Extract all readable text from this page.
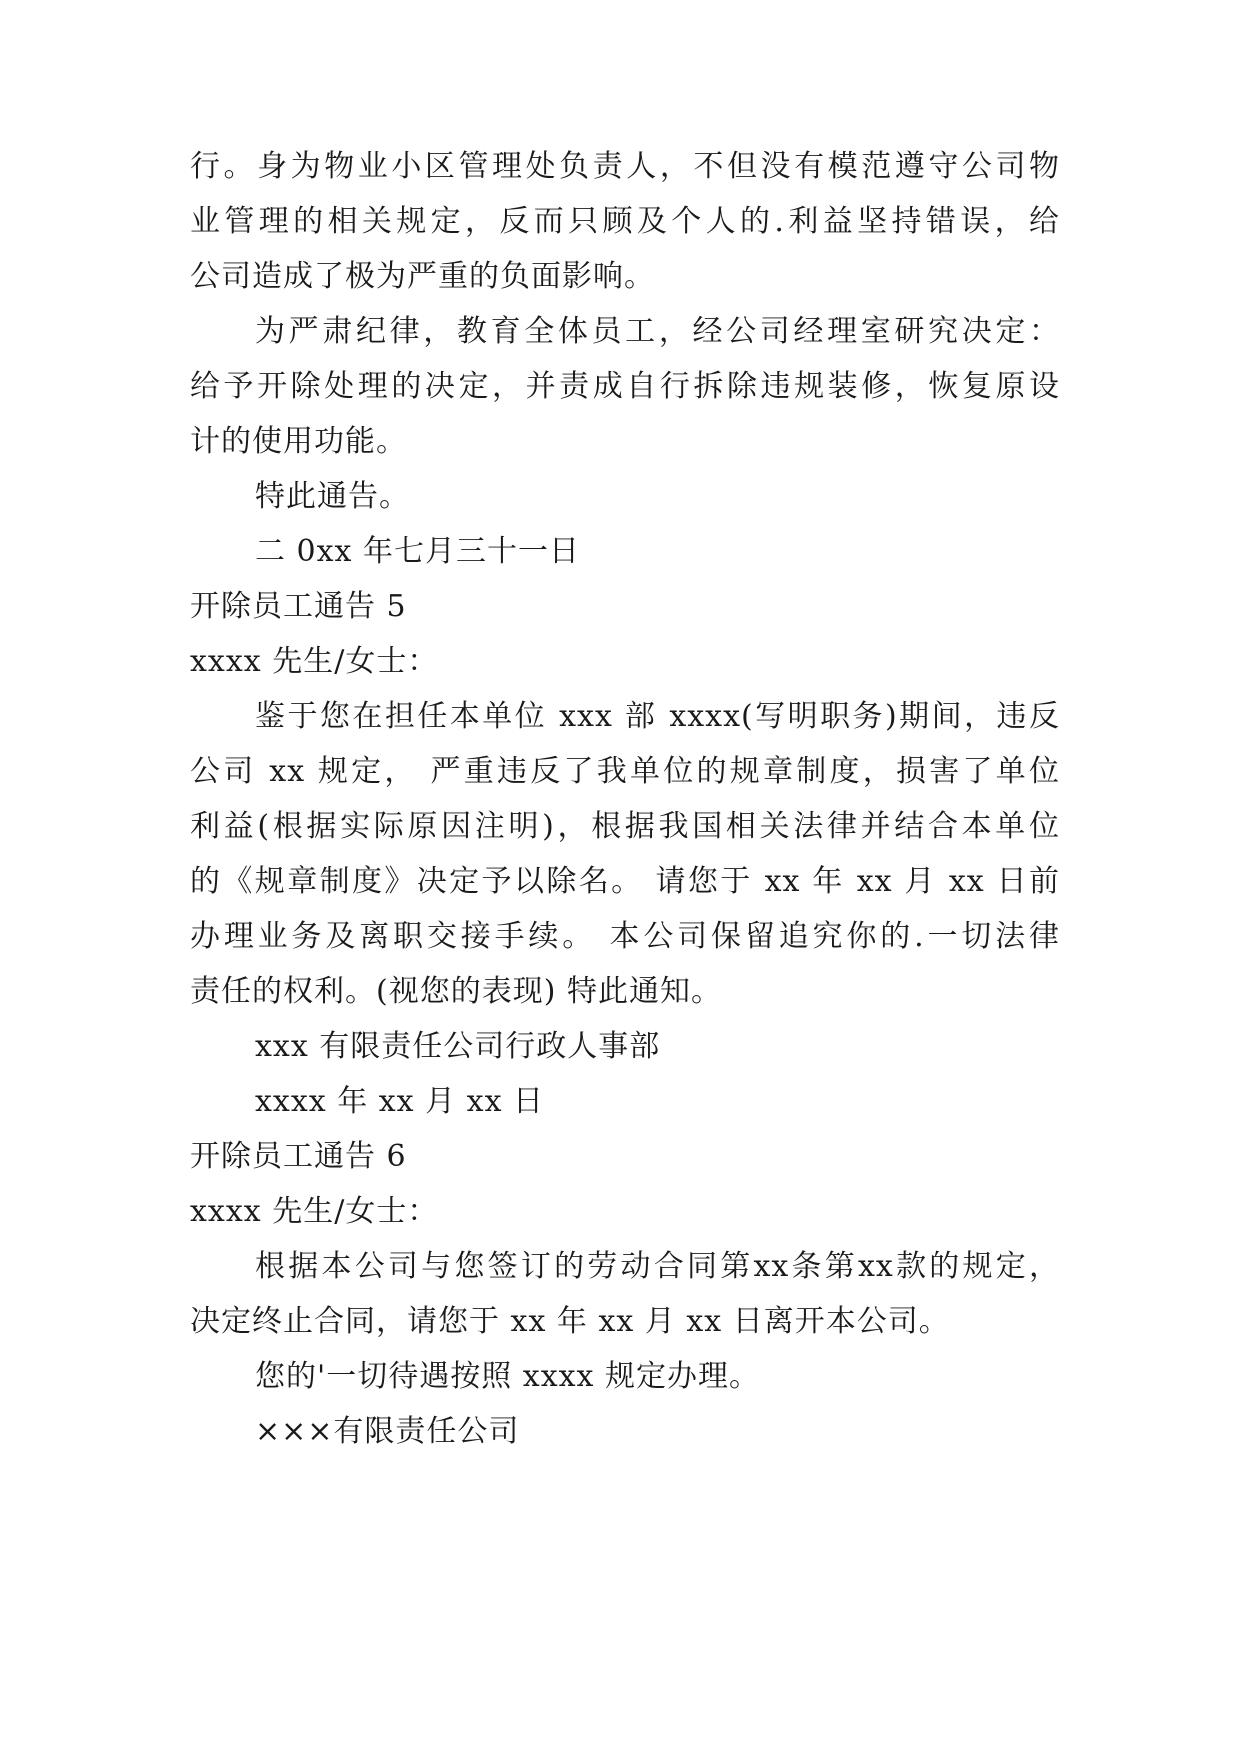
行。身为物业小区管理处负责人，不但没有模范遵守公司物
业管理的相关规定，反而只顾及个人的.利益坚持错误，给
公司造成了极为严重的负面影响。
为严肃纪律，教育全体员工，经公司经理室研究决定：
给予开除处理的决定，并责成自行拆除违规装修，恢复原设
计的使用功能。
特此通告。
二 0xx 年七月三十一日
开除员工通告 5
xxxx 先生/女士：
鉴于您在担任本单位 xxx 部 xxxx(写明职务)期间，违反
公司 xx 规定， 严重违反了我单位的规章制度，损害了单位
利益(根据实际原因注明)，根据我国相关法律并结合本单位
的《规章制度》决定予以除名。 请您于 xx 年 xx 月 xx 日前
办理业务及离职交接手续。 本公司保留追究你的.一切法律
责任的权利。(视您的表现) 特此通知。
xxx 有限责任公司行政人事部
xxxx 年 xx 月 xx 日
开除员工通告 6
xxxx 先生/女士：
根据本公司与您签订的劳动合同第xx条第xx款的规定，
决定终止合同，请您于 xx 年 xx 月 xx 日离开本公司。
您的'一切待遇按照 xxxx 规定办理。
×××有限责任公司
